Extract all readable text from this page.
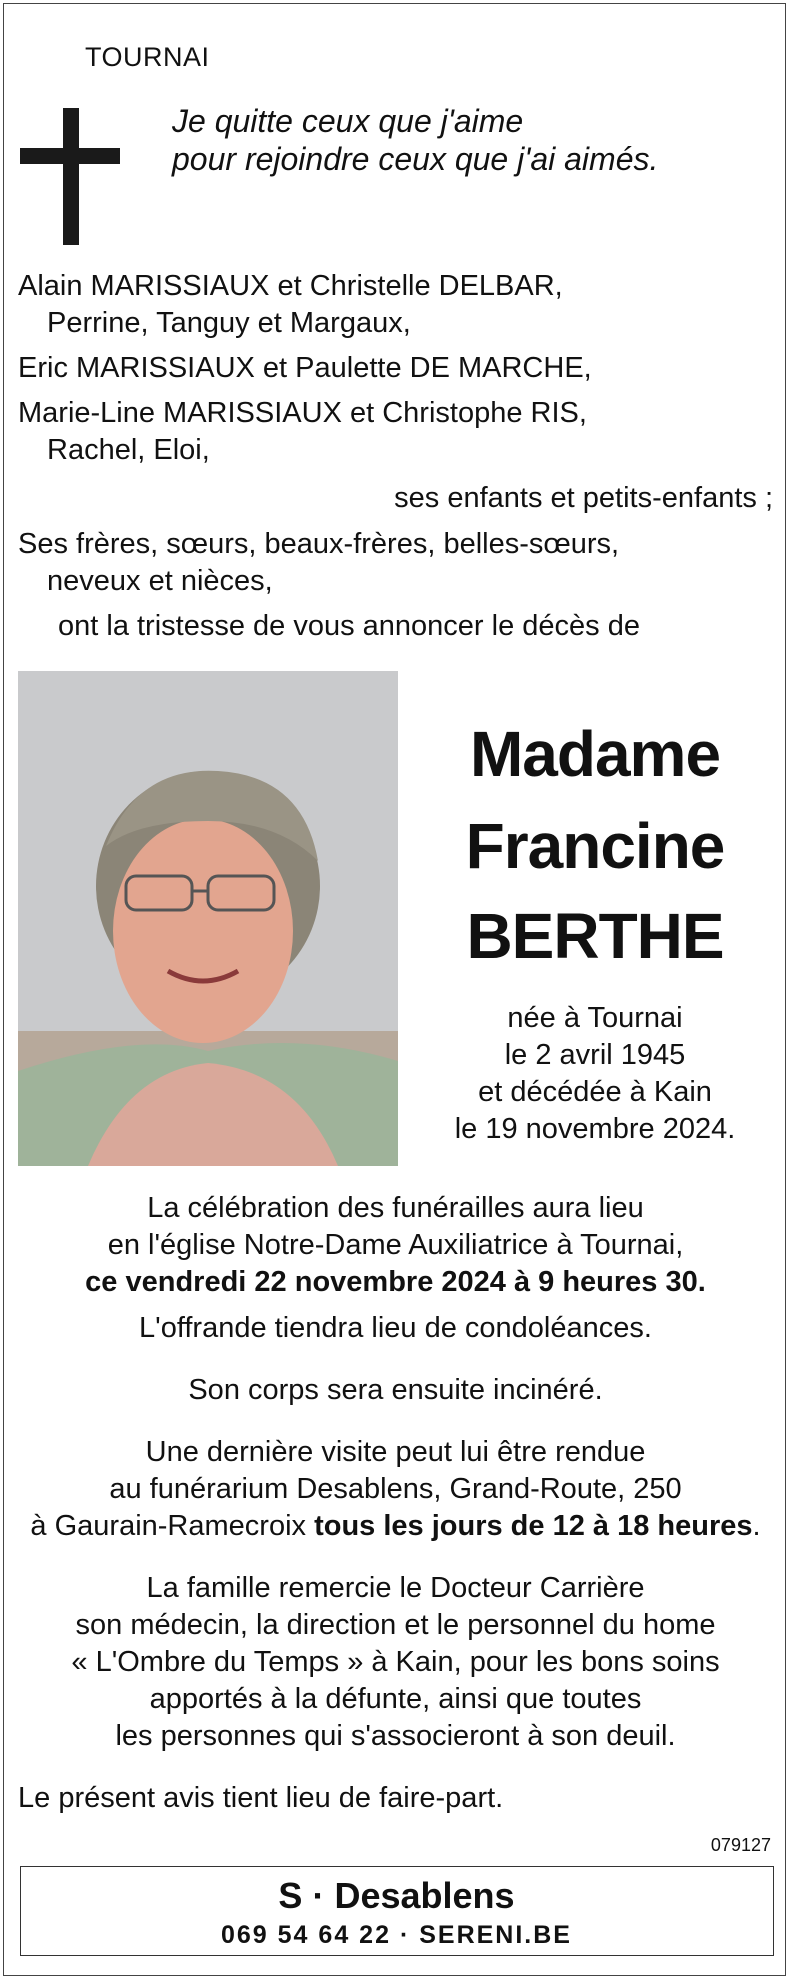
TOURNAI
Je quitte ceux que j'aime
pour rejoindre ceux que j'ai aimés.
Alain MARISSIAUX et Christelle DELBAR,
Perrine, Tanguy et Margaux,
Eric MARISSIAUX et Paulette DE MARCHE,
Marie-Line MARISSIAUX et Christophe RIS,
Rachel, Eloi,
ses enfants et petits-enfants ;
Ses frères, sœurs, beaux-frères, belles-sœurs,
neveux et nièces,
ont la tristesse de vous annoncer le décès de
Madame
Francine
BERTHE
née à Tournai
le 2 avril 1945
et décédée à Kain
le 19 novembre 2024.
La célébration des funérailles aura lieu
en l'église Notre-Dame Auxiliatrice à Tournai,
ce vendredi 22 novembre 2024 à 9 heures 30.
L'offrande tiendra lieu de condoléances.
Son corps sera ensuite incinéré.
Une dernière visite peut lui être rendue
au funérarium Desablens, Grand-Route, 250
à Gaurain-Ramecroix tous les jours de 12 à 18 heures.
La famille remercie le Docteur Carrière
son médecin, la direction et le personnel du home
« L'Ombre du Temps » à Kain, pour les bons soins
apportés à la défunte, ainsi que toutes
les personnes qui s'associeront à son deuil.
Le présent avis tient lieu de faire-part.
079127
S · Desablens
069 54 64 22 · SERENI.BE
